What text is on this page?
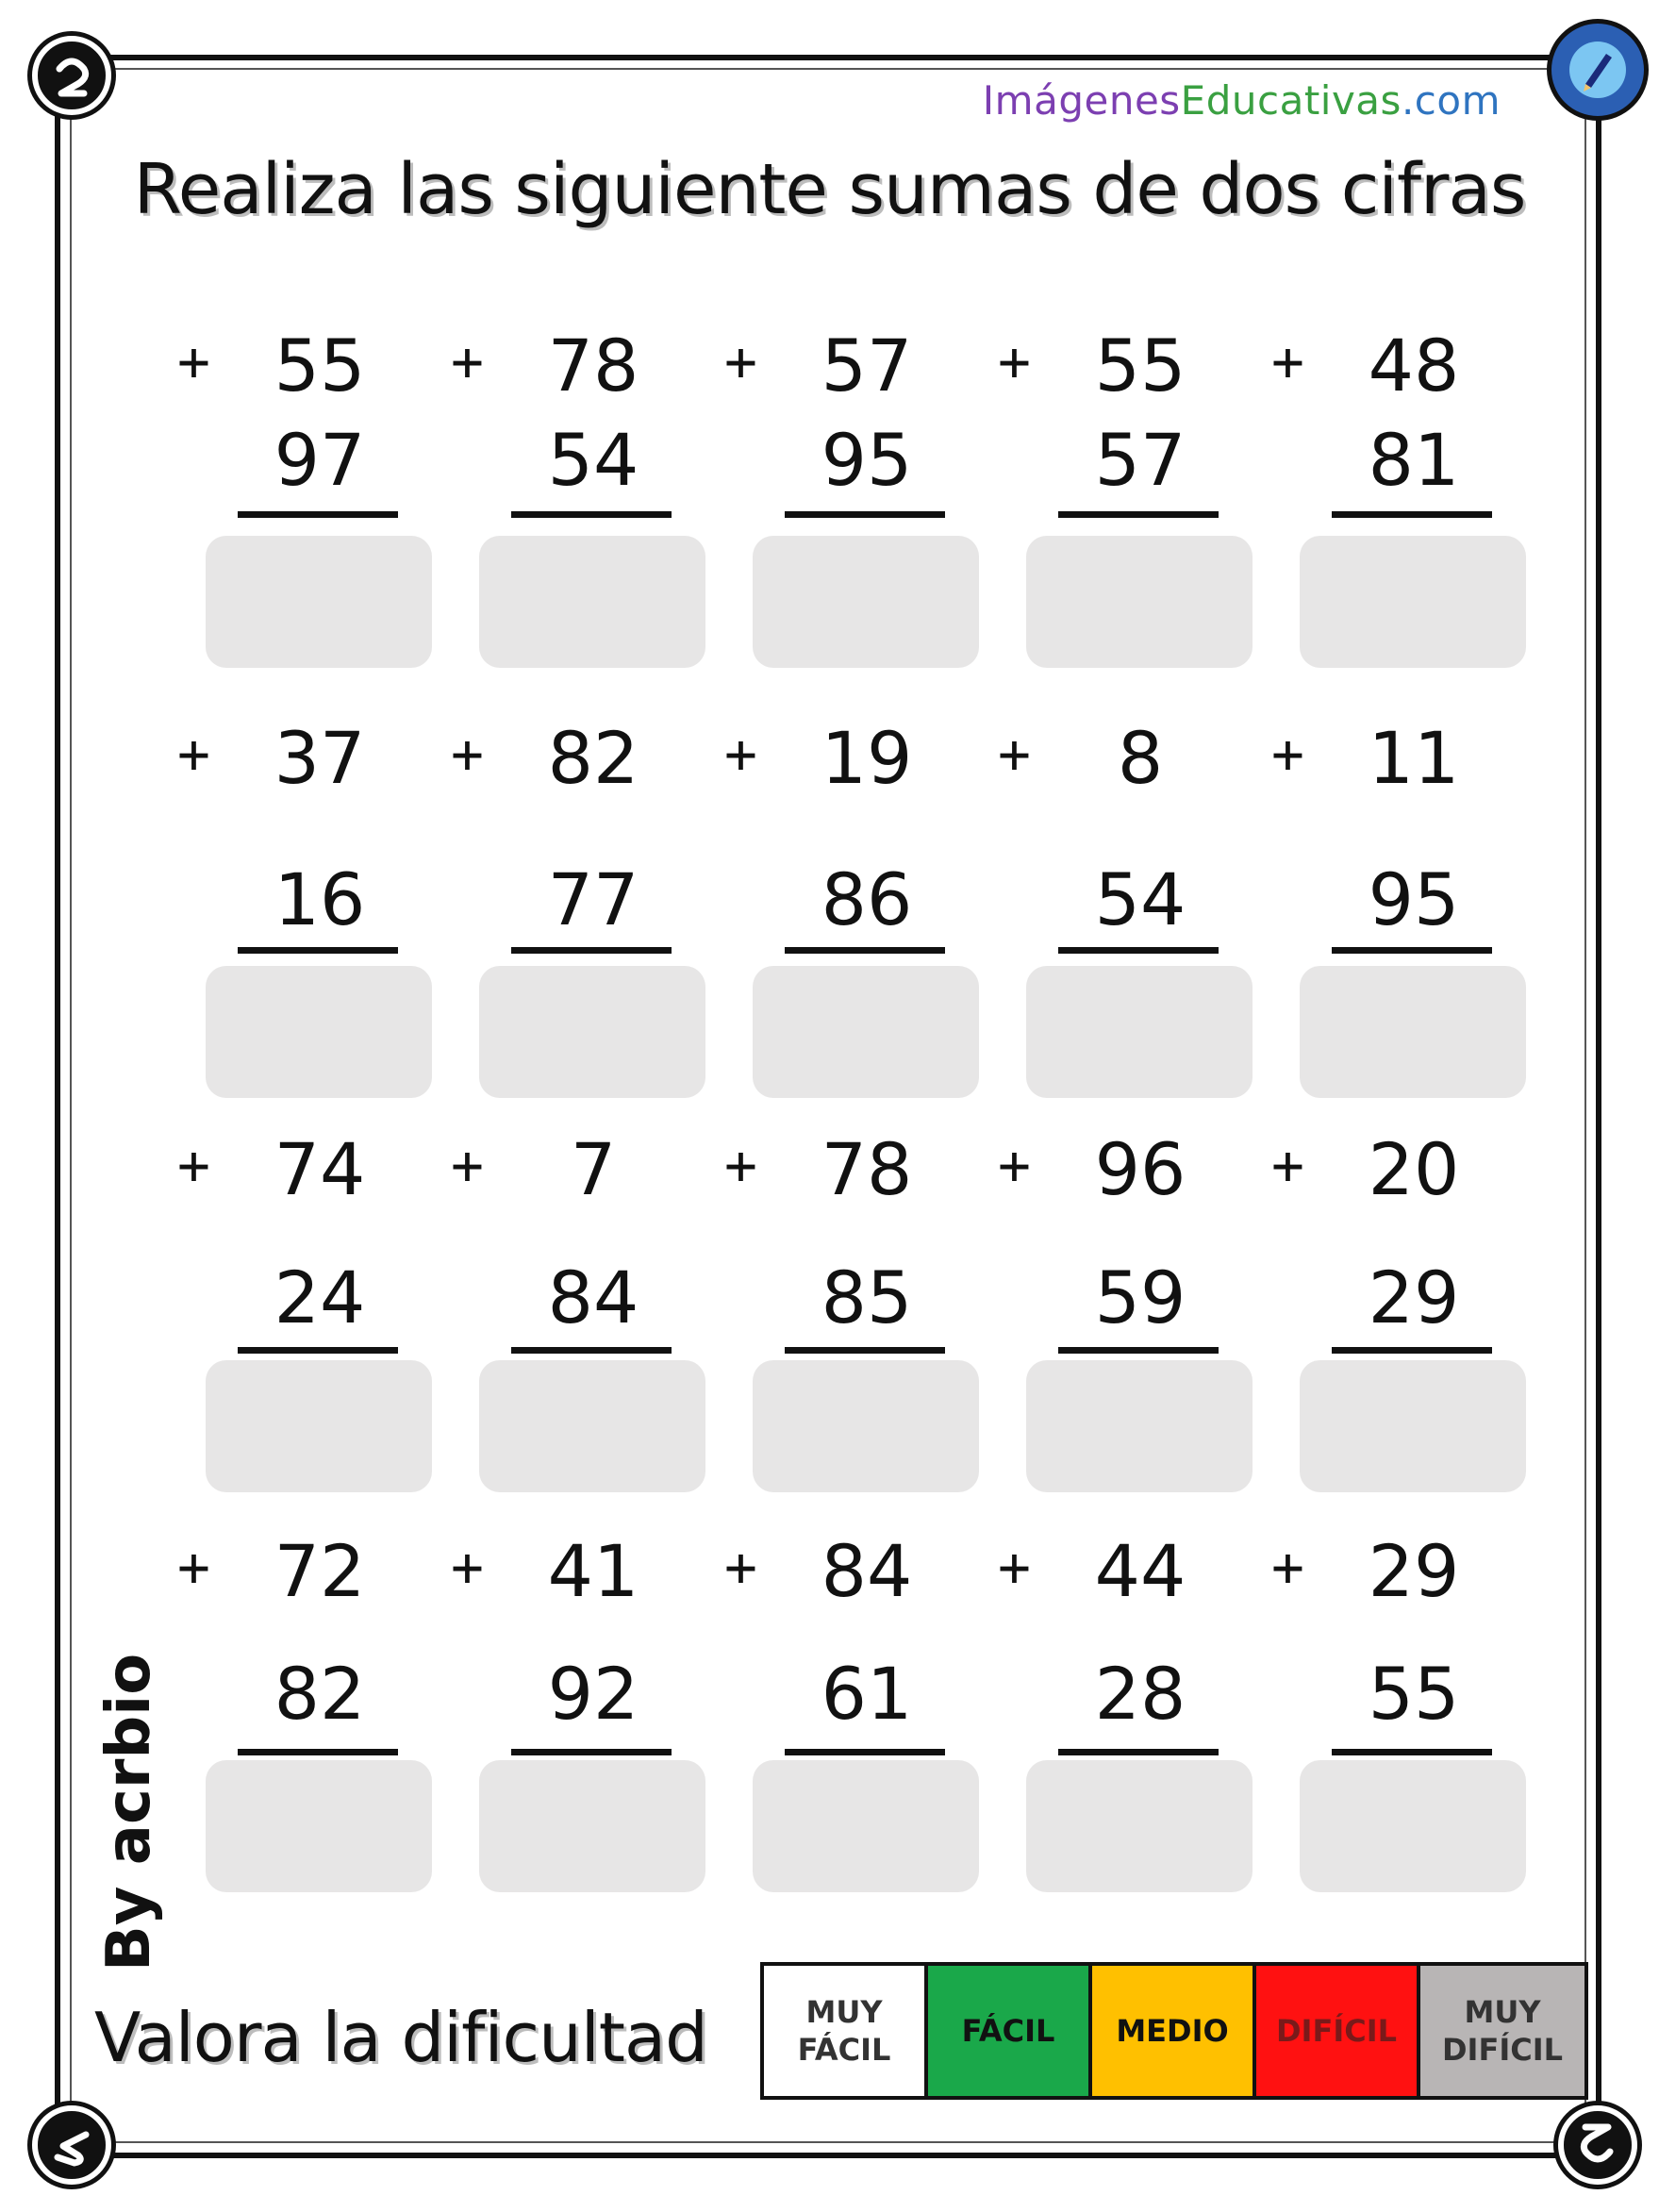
ImágenesEducativas.com
Realiza las siguiente sumas de dos cifras
+ 55
97
+ 78
54
+ 57
95
+ 55
57
+ 48
81
+ 37
16
+ 82
77
+ 19
86
+	8
54
+ 11
95
+ 74
24
+	7
84
+ 78
85
+ 96
59
+ 20
29
+ 72
82
+ 41
92
+ 84
61
+ 44
28
+ 29
55
By acrbio
Valora la dificultad	MUY
FÁCIL
FÁCIL MEDIO DIFÍCIL
MUY
DIFÍCIL
